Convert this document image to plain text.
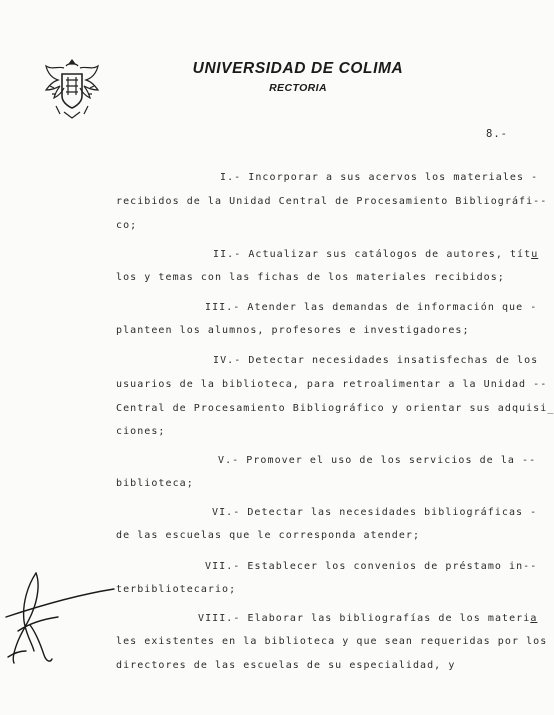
UNIVERSIDAD DE COLIMA
RECTORIA
8.-
I.- Incorporar a sus acervos los materiales -
recibidos de la Unidad Central de Procesamiento Bibliográfi--
co;
II.- Actualizar sus catálogos de autores, títu
los y temas con las fichas de los materiales recibidos;
III.- Atender las demandas de información que -
planteen los alumnos, profesores e investigadores;
IV.- Detectar necesidades insatisfechas de los
usuarios de la biblioteca, para retroalimentar a la Unidad --
Central de Procesamiento Bibliográfico y orientar sus adquisi_
ciones;
V.- Promover el uso de los servicios de la --
biblioteca;
VI.- Detectar las necesidades bibliográficas -
de las escuelas que le corresponda atender;
VII.- Establecer los convenios de préstamo in--
terbibliotecario;
VIII.- Elaborar las bibliografías de los materia
les existentes en la biblioteca y que sean requeridas por los
directores de las escuelas de su especialidad, y
